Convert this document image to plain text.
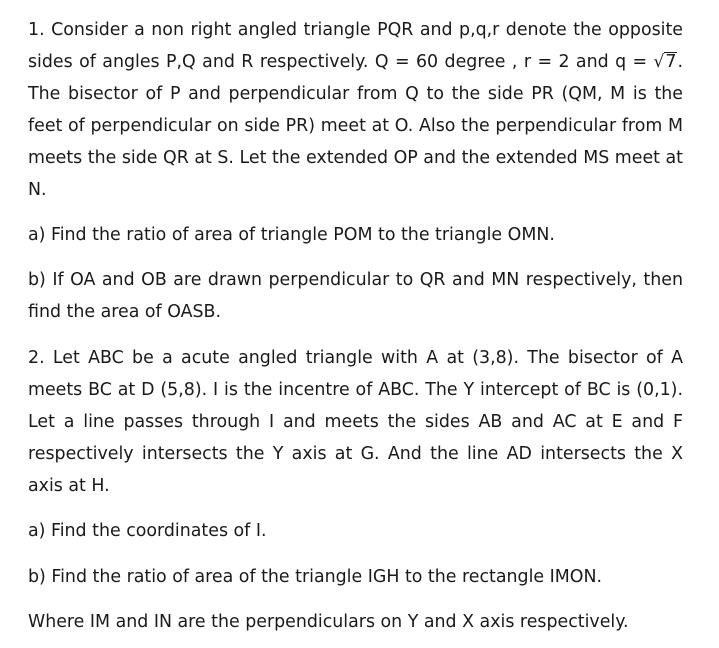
1. Consider a non right angled triangle PQR and p,q,r denote the opposite sides of angles P,Q and R respectively. Q = 60 degree , r = 2 and q = √7. The bisector of P and perpendicular from Q to the side PR (QM, M is the feet of perpendicular on side PR) meet at O. Also the perpendicular from M meets the side QR at S. Let the extended OP and the extended MS meet at N.

a) Find the ratio of area of triangle POM to the triangle OMN.

b) If OA and OB are drawn perpendicular to QR and MN respectively, then find the area of OASB.

2. Let ABC be a acute angled triangle with A at (3,8). The bisector of A meets BC at D (5,8). I is the incentre of ABC. The Y intercept of BC is (0,1). Let a line passes through I and meets the sides AB and AC at E and F respectively intersects the Y axis at G. And the line AD intersects the X axis at H.

a) Find the coordinates of I.

b) Find the ratio of area of the triangle IGH to the rectangle IMON.

Where IM and IN are the perpendiculars on Y and X axis respectively.
